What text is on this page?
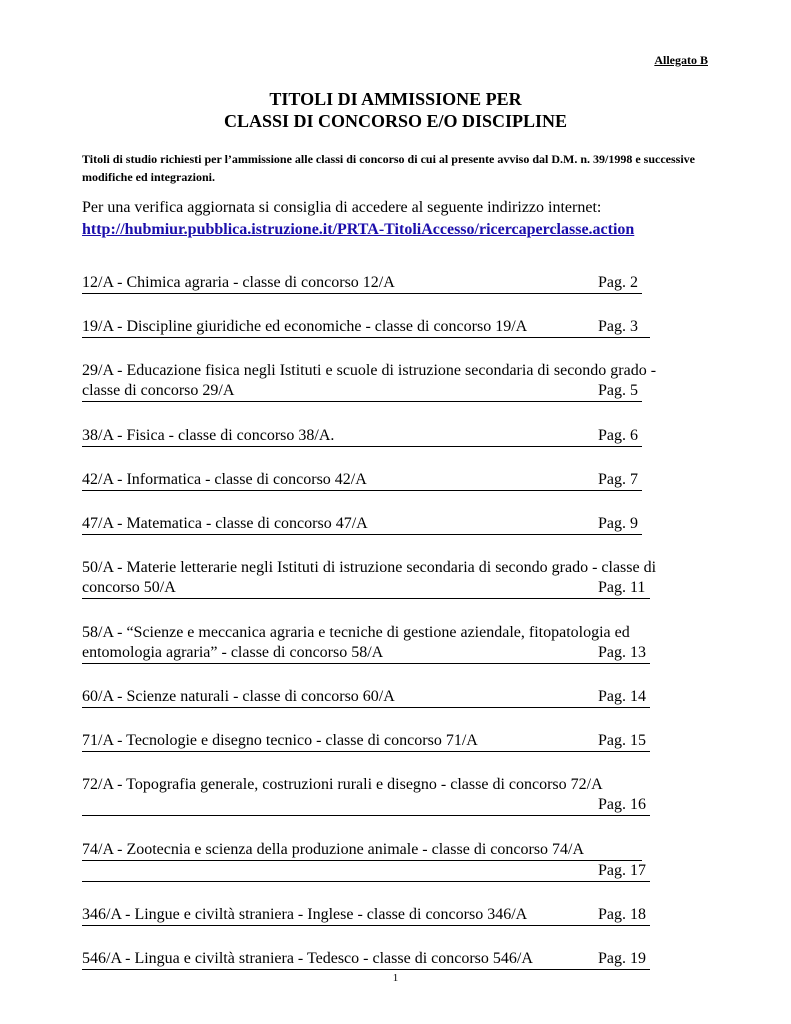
Allegato B
TITOLI DI AMMISSIONE PER
CLASSI DI CONCORSO E/O DISCIPLINE
Titoli di studio richiesti per l’ammissione alle classi di concorso di cui al presente avviso dal D.M. n. 39/1998 e successive modifiche ed integrazioni.
Per una verifica aggiornata si consiglia di accedere al seguente indirizzo internet:
http://hubmiur.pubblica.istruzione.it/PRTA-TitoliAccesso/ricercaperclasse.action
12/A - Chimica agraria - classe di concorso 12/A	Pag. 2
19/A - Discipline giuridiche ed economiche - classe di concorso 19/A	Pag. 3
29/A - Educazione fisica negli Istituti e scuole di istruzione secondaria di secondo grado -
classe di concorso 29/A	Pag. 5
38/A - Fisica - classe di concorso 38/A.	Pag. 6
42/A - Informatica - classe di concorso 42/A	Pag. 7
47/A - Matematica - classe di concorso 47/A	Pag. 9
50/A - Materie letterarie negli Istituti di istruzione secondaria di secondo grado - classe di
concorso 50/A	Pag. 11
58/A - “Scienze e meccanica agraria e tecniche di gestione aziendale, fitopatologia ed
entomologia agraria” - classe di concorso 58/A	Pag. 13
60/A - Scienze naturali - classe di concorso 60/A	Pag. 14
71/A - Tecnologie e disegno tecnico - classe di concorso 71/A	Pag. 15
72/A - Topografia generale, costruzioni rurali e disegno - classe di concorso 72/A
Pag. 16
74/A - Zootecnia e scienza della produzione animale - classe di concorso 74/A
Pag. 17
346/A - Lingue e civiltà straniera - Inglese - classe di concorso 346/A	Pag. 18
546/A - Lingua e civiltà straniera - Tedesco - classe di concorso 546/A	Pag. 19
1
